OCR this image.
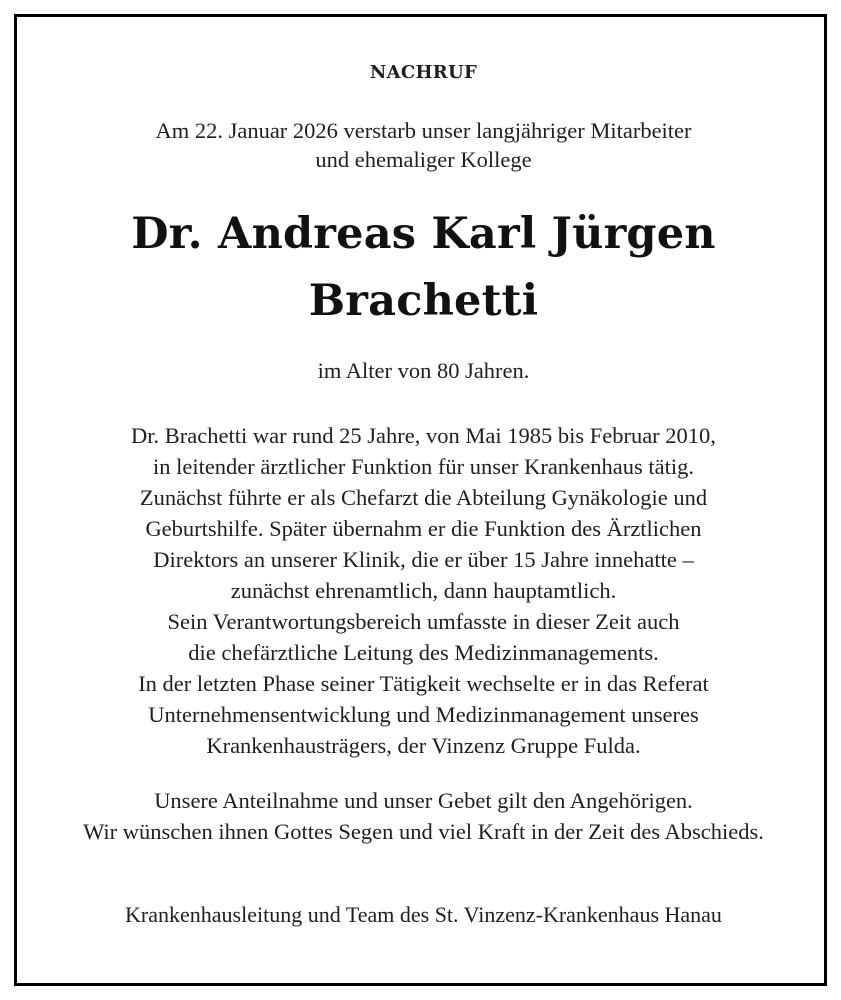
NACHRUF
Am 22. Januar 2026 verstarb unser langjähriger Mitarbeiter
und ehemaliger Kollege
Dr. Andreas Karl Jürgen
Brachetti
im Alter von 80 Jahren.
Dr. Brachetti war rund 25 Jahre, von Mai 1985 bis Februar 2010,
in leitender ärztlicher Funktion für unser Krankenhaus tätig.
Zunächst führte er als Chefarzt die Abteilung Gynäkologie und
Geburtshilfe. Später übernahm er die Funktion des Ärztlichen
Direktors an unserer Klinik, die er über 15 Jahre innehatte –
zunächst ehrenamtlich, dann hauptamtlich.
Sein Verantwortungsbereich umfasste in dieser Zeit auch
die chefärztliche Leitung des Medizinmanagements.
In der letzten Phase seiner Tätigkeit wechselte er in das Referat
Unternehmensentwicklung und Medizinmanagement unseres
Krankenhausträgers, der Vinzenz Gruppe Fulda.
Unsere Anteilnahme und unser Gebet gilt den Angehörigen.
Wir wünschen ihnen Gottes Segen und viel Kraft in der Zeit des Abschieds.
Krankenhausleitung und Team des St. Vinzenz-Krankenhaus Hanau
